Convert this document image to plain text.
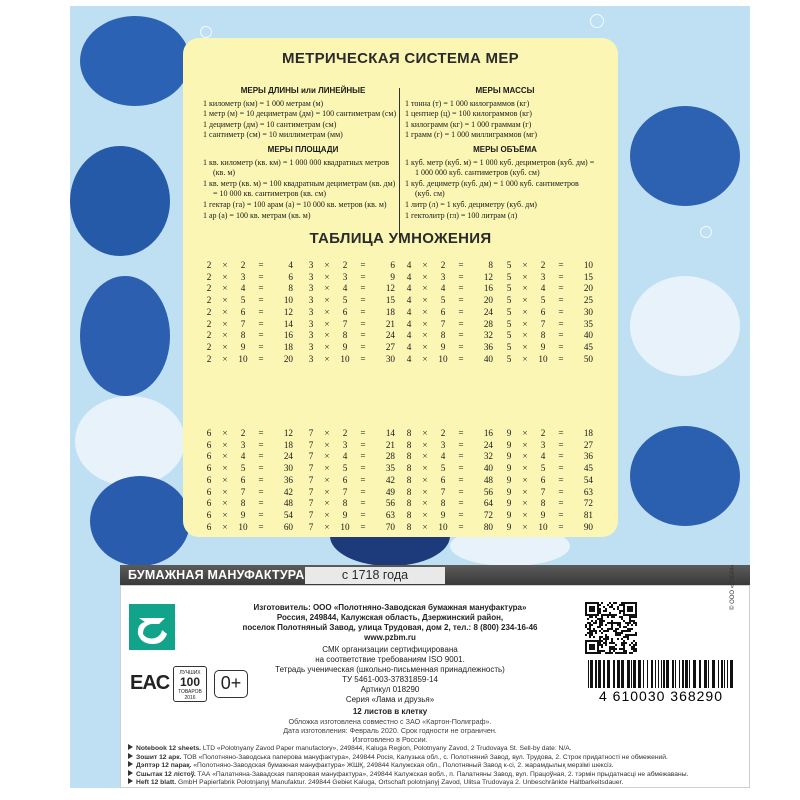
МЕТРИЧЕСКАЯ СИСТЕМА МЕР
МЕРЫ ДЛИНЫ или ЛИНЕЙНЫЕ
1 километр (км) = 1 000 метрам (м)
1 метр (м) = 10 дециметрам (дм) = 100 сантиметрам (см)
1 дециметр (дм) = 10 сантиметрам (см)
1 сантиметр (см) = 10 миллиметрам (мм)
МЕРЫ ПЛОЩАДИ
1 кв. километр (кв. км) = 1 000 000 квадратных метров
(кв. м)
1 кв. метр (кв. м) = 100 квадратным дециметрам (кв. дм)
= 10 000 кв. сантиметров (кв. см)
1 гектар (га) = 100 арам (а) = 10 000 кв. метров (кв. м)
1 ар (а) = 100 кв. метрам (кв. м)
МЕРЫ МАССЫ
1 тонна (т) = 1 000 килограммов (кг)
1 центнер (ц) = 100 килограммов (кг)
1 килограмм (кг) = 1 000 граммам (г)
1 грамм (г) = 1 000 миллиграммов (мг)
МЕРЫ ОБЪЁМА
1 куб. метр (куб. м) = 1 000 куб. дециметров (куб. дм) =
1 000 000 куб. сантиметров (куб. см)
1 куб. дециметр (куб. дм) = 1 000 куб. сантиметров
(куб. см)
1 литр (л) = 1 куб. дециметру (куб. дм)
1 гектолитр (гл) = 100 литрам (л)
ТАБЛИЦА УМНОЖЕНИЯ
2	×	2	=	4
2	×	3	=	6
2	×	4	=	8
2	×	5	=	10
2	×	6	=	12
2	×	7	=	14
2	×	8	=	16
2	×	9	=	18
2	×	10	=	20
3	×	2	=	6
3	×	3	=	9
3	×	4	=	12
3	×	5	=	15
3	×	6	=	18
3	×	7	=	21
3	×	8	=	24
3	×	9	=	27
3	×	10	=	30
4	×	2	=	8
4	×	3	=	12
4	×	4	=	16
4	×	5	=	20
4	×	6	=	24
4	×	7	=	28
4	×	8	=	32
4	×	9	=	36
4	×	10	=	40
5	×	2	=	10
5	×	3	=	15
5	×	4	=	20
5	×	5	=	25
5	×	6	=	30
5	×	7	=	35
5	×	8	=	40
5	×	9	=	45
5	×	10	=	50
6	×	2	=	12
6	×	3	=	18
6	×	4	=	24
6	×	5	=	30
6	×	6	=	36
6	×	7	=	42
6	×	8	=	48
6	×	9	=	54
6	×	10	=	60
7	×	2	=	14
7	×	3	=	21
7	×	4	=	28
7	×	5	=	35
7	×	6	=	42
7	×	7	=	49
7	×	8	=	56
7	×	9	=	63
7	×	10	=	70
8	×	2	=	16
8	×	3	=	24
8	×	4	=	32
8	×	5	=	40
8	×	6	=	48
8	×	7	=	56
8	×	8	=	64
8	×	9	=	72
8	×	10	=	80
9	×	2	=	18
9	×	3	=	27
9	×	4	=	36
9	×	5	=	45
9	×	6	=	54
9	×	7	=	63
9	×	8	=	72
9	×	9	=	81
9	×	10	=	90
БУМАЖНАЯ МАНУФАКТУРА	с 1718 года
Изготовитель: ООО «Полотняно-Заводская бумажная мануфактура»
Россия, 249844, Калужская область, Дзержинский район,
поселок Полотняный Завод, улица Трудовая, дом 2, тел.: 8 (800) 234-16-46
www.pzbm.ru
СМК организации сертифицирована
на соответствие требованиям ISO 9001.
Тетрадь ученическая (школьно-письменная принадлежность)
ТУ 5461-003-37831859-14
Артикул 018290
Серия «Лама и друзья»
12 листов в клетку
Обложка изготовлена совместно с ЗАО «Картон-Полиграф».
Дата изготовления: Февраль 2020. Срок годности не ограничен.
Изготовлено в России.
EAC	ЛУЧШИХ
100
ТОВАРОВ
2016
0+
4 610030 368290
© ООО «ПЗБМ»
Notebook 12 sheets. LTD «Polotnyany Zavod Paper manufactory», 249844, Kaluga Region, Polotnyany Zavod, 2 Trudovaya St. Sell-by date: N/A.
Зошит 12 арк. ТОВ «Полотняно-Заводська паперова мануфактура», 249844 Росія, Калузька обл., с. Полотняний Завод, вул. Трудова, 2. Строк придатності не обмежений.
Дэптэр 12 парақ. «Полотняно-Заводская бумажная мануфактура» ЖШҚ, 249844 Калужская обл., Полотняный Завод к-сі, 2. жарамдылық мерзімі шексіз.
Сшытак 12 лістоў. ТАА «Палатняна-Завадская папяровая мануфактура», 249844 Калужская вобл., п. Палатняны Завод, вул. Працоўная, 2. тэрмін прыдатнасці не абмежаваны.
Heft 12 blatt. GmbH Papierfabrik Polotnjanyj Manufaktur. 249844 Gebiet Kaluga, Ortschaft polotnjanyj Zavod, Ulitsa Trudovaya 2. Unbeschränkte Haltbarkeitsdauer.
